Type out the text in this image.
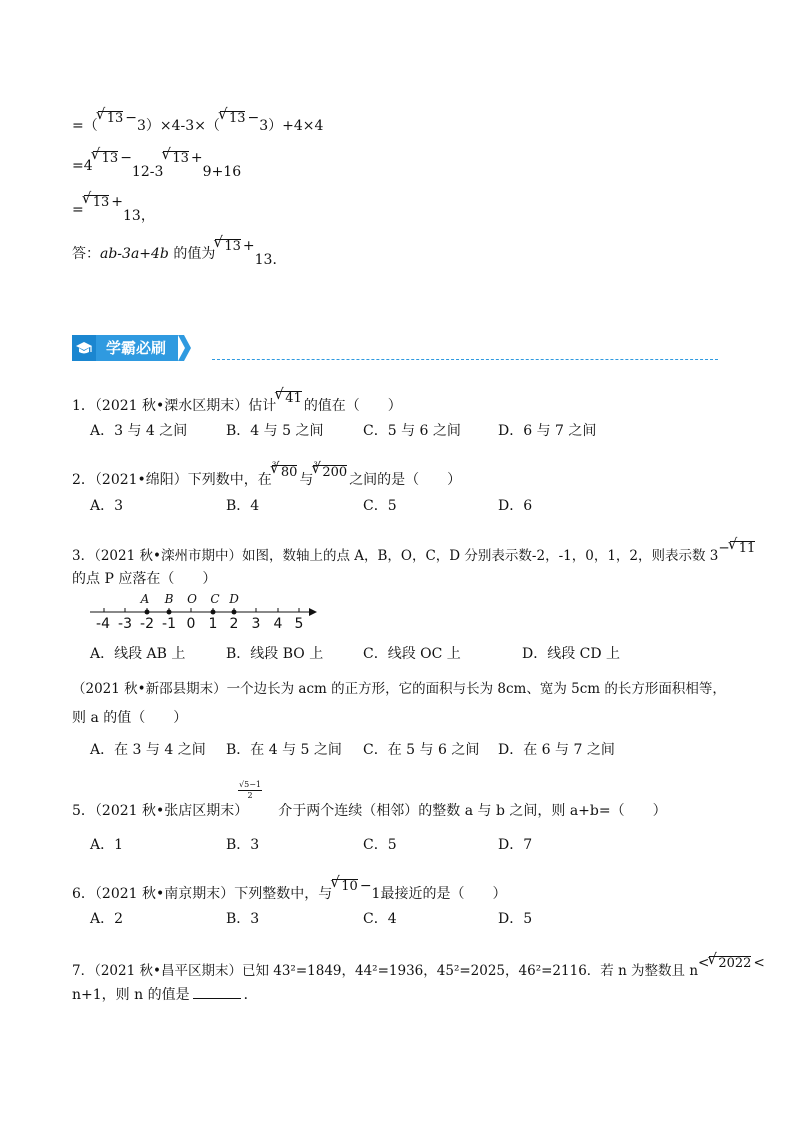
=（ √ 13 −3）×4-3×（ √ 13 −3）+4×4
=4 √ 13 −12-3√ 13 +9+16
= √ 13 +13，
答：ab-3a+4b 的值为 √ 13 +13．
学霸必刷
1．（2021 秋•溧水区期末）估计 √ 41 的值在（　　）
A．3 与 4 之间	B．4 与 5 之间	C．5 与 6 之间	D．6 与 7 之间
2．（2021•绵阳）下列数中，在
√ 3 80 与
√ 3 200 之间的是（　　）
A．3	B．4	C．5	D．6
3．（2021 秋•滦州市期中）如图，数轴上的点 A，B，O，C，D 分别表示数-2，-1，0，1，2，则表示数 3− √ 11
的点 P 应落在（　　）
A B O C D
-4 -3 -2 -1 0 1 2 3 4 5
A．线段 AB 上	B．线段 BO 上	C．线段 OC 上	D．线段 CD 上
（2021 秋•新邵县期末）一个边长为 acm 的正方形，它的面积与长为 8cm、宽为 5cm 的长方形面积相等，
则 a 的值（　　）
A．在 3 与 4 之间 B．在 4 与 5 之间 C．在 5 与 6 之间 D．在 6 与 7 之间
√5−1
2
5．（2021 秋•张店区期末） 介于两个连续（相邻）的整数 a 与 b 之间，则 a+b=（　　）
A．1	B．3	C．5	D．7
6．（2021 秋•南京期末）下列整数中，与 √ 10 −1最接近的是（　　）
A．2	B．3	C．4	D．5
7．（2021 秋•昌平区期末）已知 43²=1849，44²=1936，45²=2025，46²=2116．若 n 为整数且 n< √ 2022 <
n+1，则 n 的值是	．
